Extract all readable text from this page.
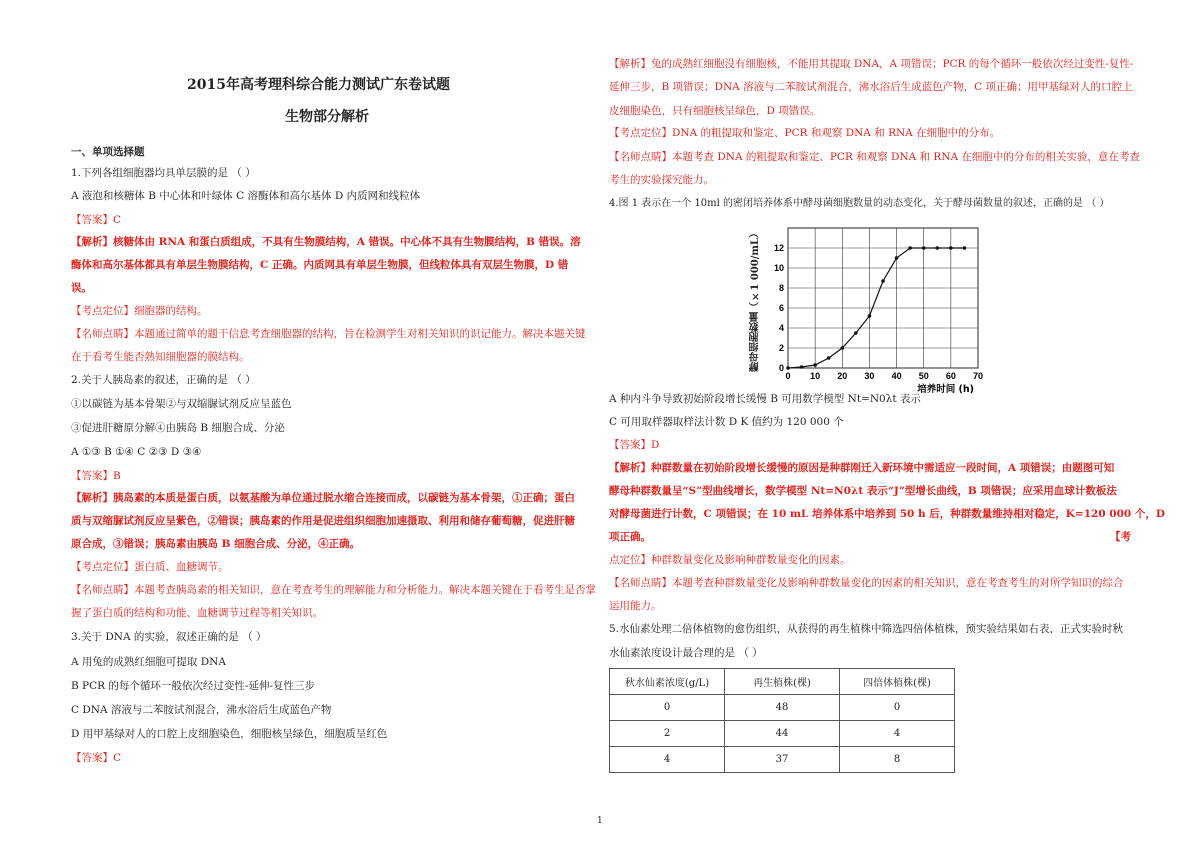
2015年高考理科综合能力测试广东卷试题
生物部分解析
一、单项选择题
1.下列各组细胞器均具单层膜的是 （ ）
A 液泡和核糖体 B 中心体和叶绿体 C 溶酶体和高尔基体 D 内质网和线粒体
【答案】C
【解析】核糖体由 RNA 和蛋白质组成，不具有生物膜结构，A 错误。中心体不具有生物膜结构，B 错误。溶
酶体和高尔基体都具有单层生物膜结构，C 正确。内质网具有单层生物膜，但线粒体具有双层生物膜，D 错
误。
【考点定位】细胞器的结构。
【名师点睛】本题通过简单的题干信息考查细胞器的结构，旨在检测学生对相关知识的识记能力。解决本题关键
在于看考生能否熟知细胞器的膜结构。
2.关于人胰岛素的叙述，正确的是 （ ）
①以碳链为基本骨架②与双缩脲试剂反应呈蓝色
③促进肝糖原分解④由胰岛 B 细胞合成、分泌
A ①③ B ①④ C ②③ D ③④
【答案】B
【解析】胰岛素的本质是蛋白质，以氨基酸为单位通过脱水缩合连接而成，以碳链为基本骨架，①正确；蛋白
质与双缩脲试剂反应呈紫色，②错误；胰岛素的作用是促进组织细胞加速摄取、利用和储存葡萄糖，促进肝糖
原合成，③错误；胰岛素由胰岛 B 细胞合成、分泌，④正确。
【考点定位】蛋白质、血糖调节。
【名师点睛】本题考查胰岛素的相关知识，意在考查考生的理解能力和分析能力。解决本题关键在于看考生是否掌
握了蛋白质的结构和功能、血糖调节过程等相关知识。
3.关于 DNA 的实验，叙述正确的是 （ ）
A 用兔的成熟红细胞可提取 DNA
B PCR 的每个循环一般依次经过变性-延伸-复性三步
C DNA 溶液与二苯胺试剂混合，沸水浴后生成蓝色产物
D 用甲基绿对人的口腔上皮细胞染色，细胞核呈绿色，细胞质呈红色
【答案】C
【解析】兔的成熟红细胞没有细胞核，不能用其提取 DNA，A 项错误；PCR 的每个循环一般依次经过变性-复性-
延伸三步，B 项错误；DNA 溶液与二苯胺试剂混合，沸水浴后生成蓝色产物，C 项正确；用甲基绿对人的口腔上
皮细胞染色，只有细胞核呈绿色，D 项错误。
【考点定位】DNA 的粗提取和鉴定、PCR 和观察 DNA 和 RNA 在细胞中的分布。
【名师点睛】本题考查 DNA 的粗提取和鉴定、PCR 和观察 DNA 和 RNA 在细胞中的分布的相关实验，意在考查
考生的实验探究能力。
4.图 1 表示在一个 10ml 的密闭培养体系中酵母菌细胞数量的动态变化，关于酵母菌数量的叙述，正确的是 （ ）
酵母细胞数量（×1 000/mL）	0
2
4
6
8
10
12
0 10 20 30 40 50 60 70
培养时间 (h)
A 种内斗争导致初始阶段增长缓慢 B 可用数学模型 Nt=N0λt 表示
C 可用取样器取样法计数 D K 值约为 120 000 个
【答案】D
【解析】种群数量在初始阶段增长缓慢的原因是种群刚迁入新环境中需适应一段时间，A 项错误；由题图可知
酵母种群数量呈“S”型曲线增长，数学模型 Nt=N0λt 表示“J”型增长曲线，B 项错误；应采用血球计数板法
对酵母菌进行计数，C 项错误；在 10 mL 培养体系中培养到 50 h 后，种群数量维持相对稳定，K=120 000 个，D
项正确。	【考
点定位】种群数量变化及影响种群数量变化的因素。
【名师点睛】本题考查种群数量变化及影响种群数量变化的因素的相关知识，意在考查考生的对所学知识的综合
运用能力。
5.水仙素处理二倍体植物的愈伤组织，从获得的再生植株中筛选四倍体植株，预实验结果如右表，正式实验时秋
秋水仙素浓度(g/L)	再生植株(棵)	四倍体植株(棵)
0	48	0
2	44	4
4	37	8
1
水仙素浓度设计最合理的是 （ ）
